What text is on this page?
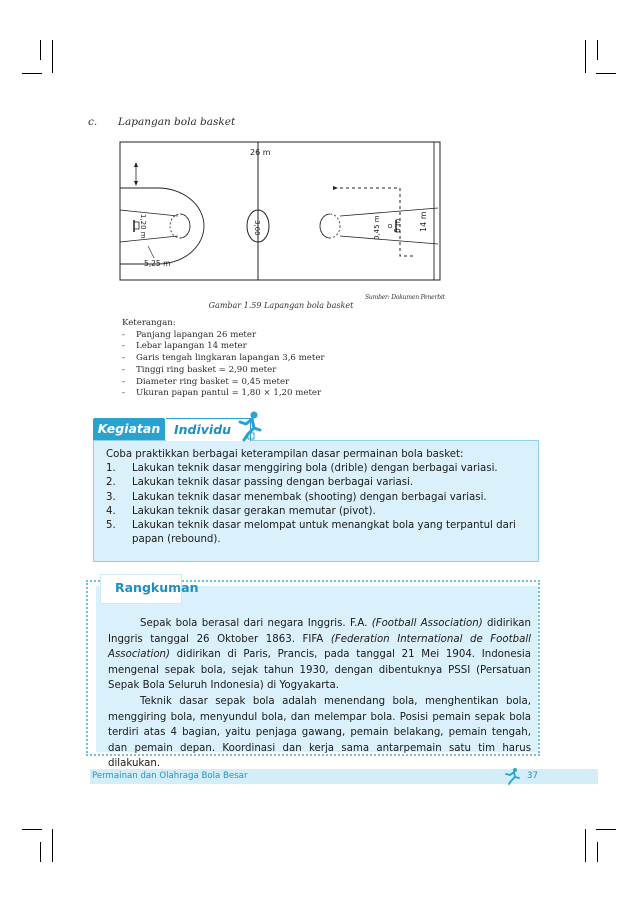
c. Lapangan bola basket
1,20 m
5,25 m
3,60
26 m
0,45 m 6 m 14 m
Sumber: Dokumen Penerbit
Gambar 1.59 Lapangan bola basket
Keterangan:
- Panjang lapangan 26 meter
- Lebar lapangan 14 meter
- Garis tengah lingkaran lapangan 3,6 meter
- Tinggi ring basket = 2,90 meter
- Diameter ring basket = 0,45 meter
- Ukuran papan pantul = 1,80 × 1,20 meter
Kegiatan	Individu
Coba praktikkan berbagai keterampilan dasar permainan bola basket:
1.	Lakukan teknik dasar menggiring bola (drible) dengan berbagai variasi.
2.	Lakukan teknik dasar passing dengan berbagai variasi.
3.	Lakukan teknik dasar menembak (shooting) dengan berbagai variasi.
4.	Lakukan teknik dasar gerakan memutar (pivot).
5.	Lakukan teknik dasar melompat untuk menangkat bola yang terpantul dari papan (rebound).
Rangkuman

Sepak bola berasal dari negara Inggris. F.A. (Football Association) didirikan Inggris tanggal 26 Oktober 1863. FIFA (Federation International de Football Association) didirikan di Paris, Prancis, pada tanggal 21 Mei 1904. Indonesia mengenal sepak bola, sejak tahun 1930, dengan dibentuknya PSSI (Persatuan Sepak Bola Seluruh Indonesia) di Yogyakarta.

Teknik dasar sepak bola adalah menendang bola, menghentikan bola, menggiring bola, menyundul bola, dan melempar bola. Posisi pemain sepak bola terdiri atas 4 bagian, yaitu penjaga gawang, pemain belakang, pemain tengah, dan pemain depan. Koordinasi dan kerja sama antarpemain satu tim harus dilakukan.

Permainan dan Olahraga Bola Besar	37
